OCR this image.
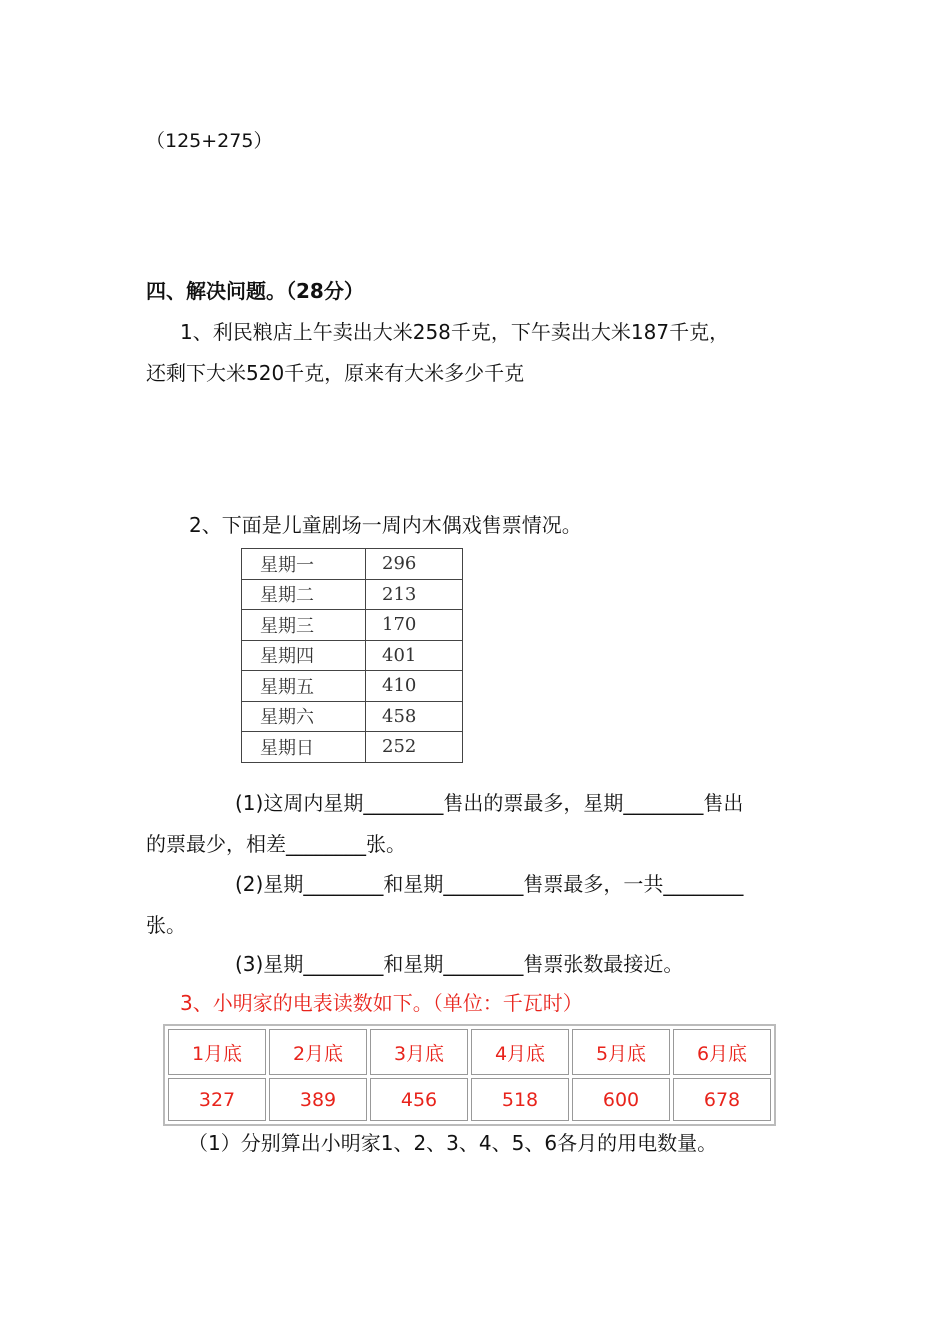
（125+275）
四、解决问题。（28分）
1、利民粮店上午卖出大米258千克，下午卖出大米187千克，
还剩下大米520千克，原来有大米多少千克
2、下面是儿童剧场一周内木偶戏售票情况。
星期一	296
星期二	213
星期三	170
星期四	401
星期五	410
星期六	458
星期日	252
(1)这周内星期________售出的票最多，星期________售出
的票最少，相差________张。
(2)星期________和星期________售票最多，一共________
张。
(3)星期________和星期________售票张数最接近。
3、小明家的电表读数如下。（单位：千瓦时）
1月底	2月底	3月底	4月底	5月底	6月底
327	389	456	518	600	678
（1）分别算出小明家1、2、3、4、5、6各月的用电数量。
